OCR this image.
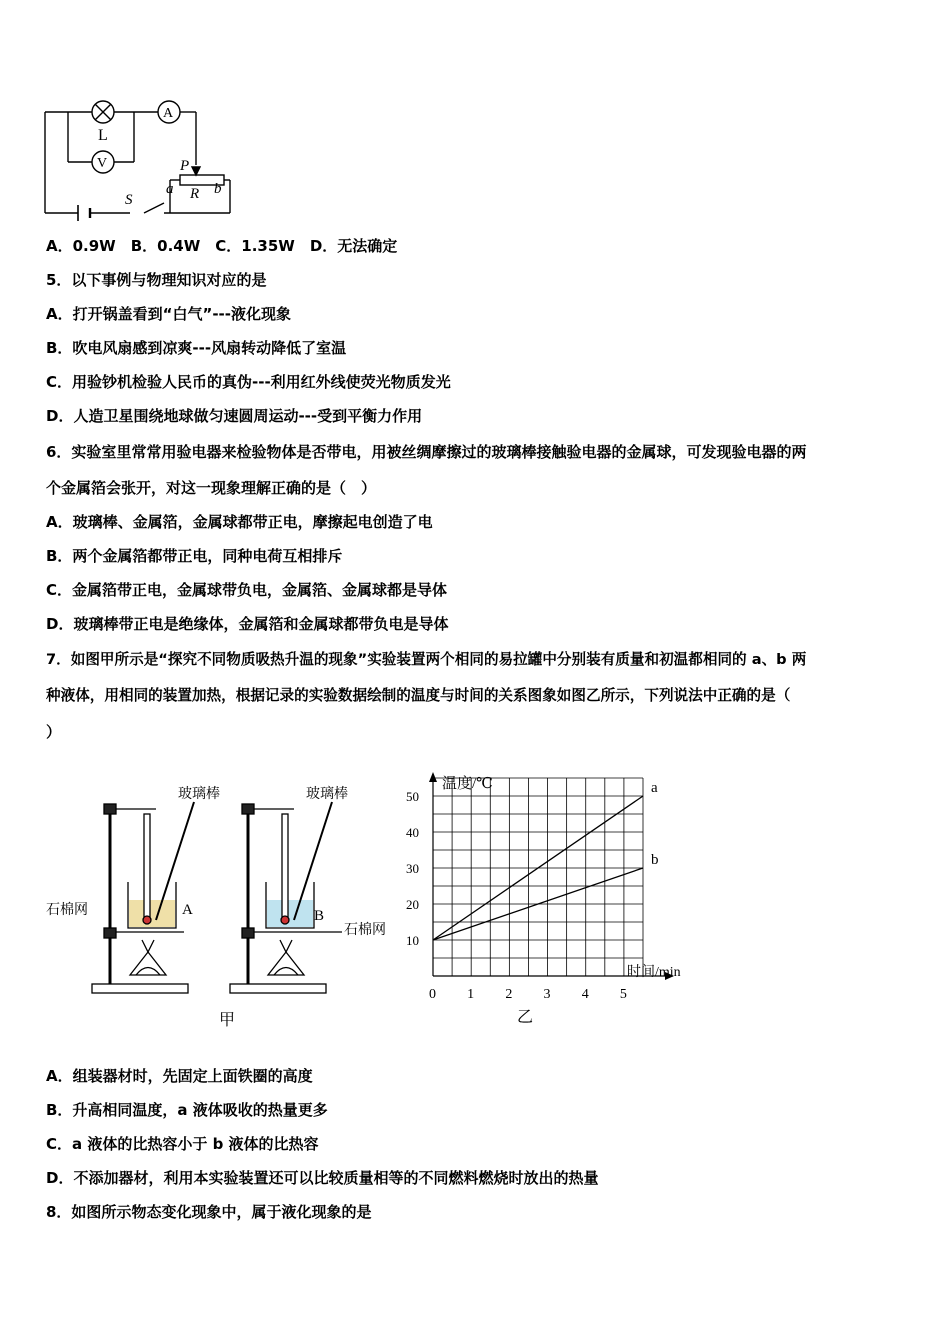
A
V
L
P
a R b
S
A．0.9W　B．0.4W　C．1.35W　D．无法确定
5．以下事例与物理知识对应的是
A．打开锅盖看到“白气”---液化现象
B．吹电风扇感到凉爽---风扇转动降低了室温
C．用验钞机检验人民币的真伪---利用红外线使荧光物质发光
D．人造卫星围绕地球做匀速圆周运动---受到平衡力作用
6．实验室里常常用验电器来检验物体是否带电，用被丝绸摩擦过的玻璃棒接触验电器的金属球，可发现验电器的两
个金属箔会张开，对这一现象理解正确的是（　）
A．玻璃棒、金属箔，金属球都带正电，摩擦起电创造了电
B．两个金属箔都带正电，同种电荷互相排斥
C．金属箔带正电，金属球带负电，金属箔、金属球都是导体
D．玻璃棒带正电是绝缘体，金属箔和金属球都带负电是导体
7．如图甲所示是“探究不同物质吸热升温的现象”实验装置两个相同的易拉罐中分别装有质量和初温都相同的 a、b 两
种液体，用相同的装置加热，根据记录的实验数据绘制的温度与时间的关系图象如图乙所示，下列说法中正确的是（
）
玻璃棒	玻璃棒
石棉网
石棉网
A	B
甲
a
b
0 1 2 3 4 5
10
20
30
40
50
温度/℃
时间/min
乙
A．组装器材时，先固定上面铁圈的高度
B．升高相同温度，a 液体吸收的热量更多
C．a 液体的比热容小于 b 液体的比热容
D．不添加器材，利用本实验装置还可以比较质量相等的不同燃料燃烧时放出的热量
8．如图所示物态变化现象中，属于液化现象的是
